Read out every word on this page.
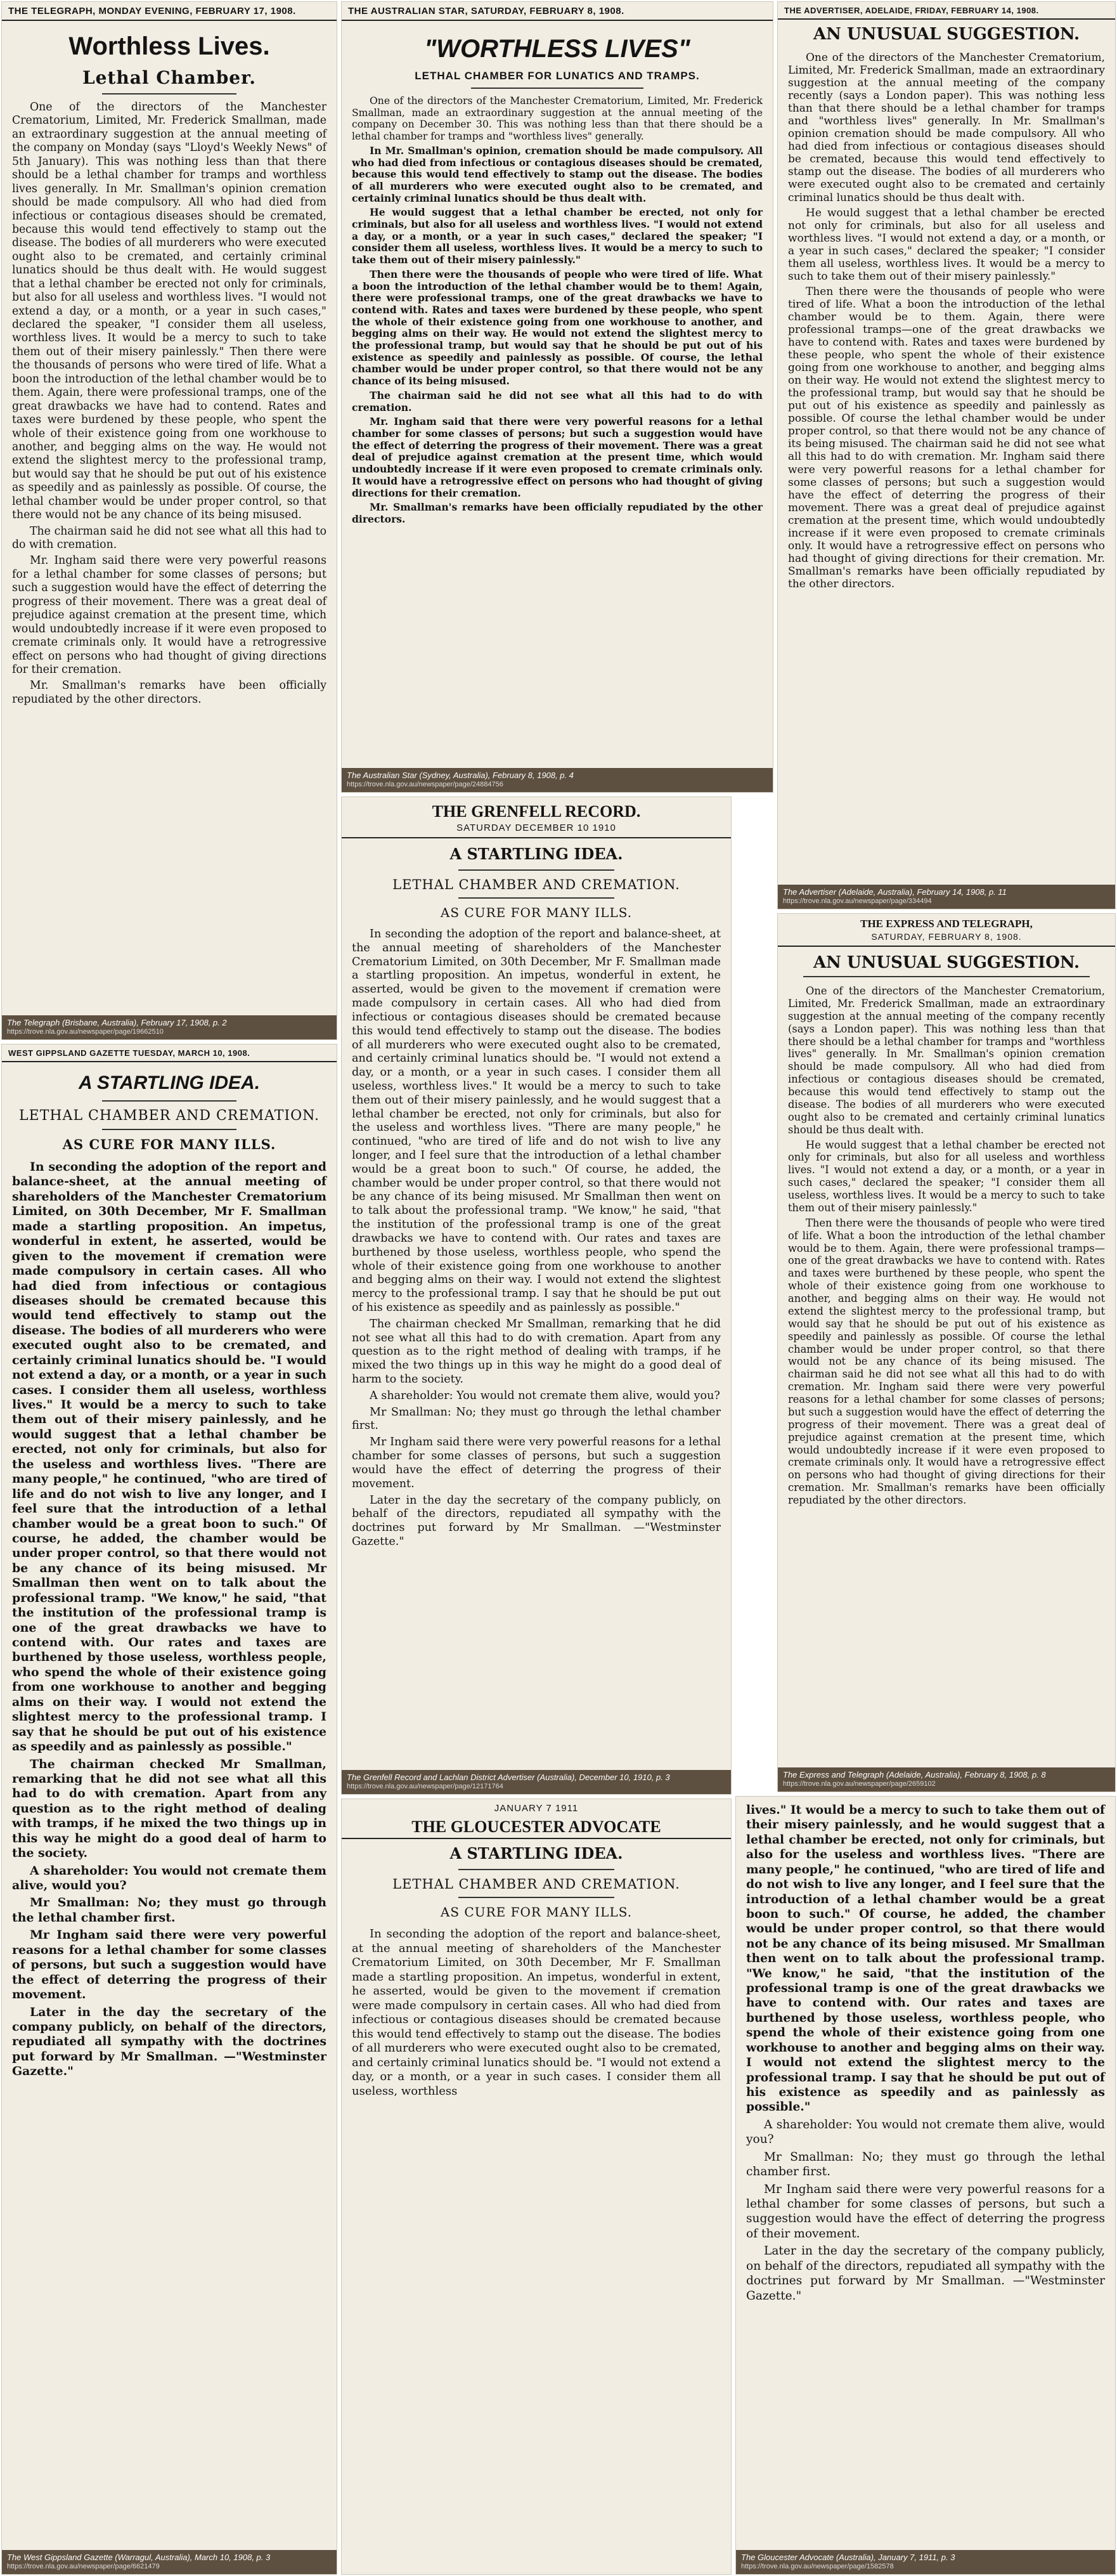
THE TELEGRAPH, MONDAY EVENING, FEBRUARY 17, 1908.
Worthless Lives.
Lethal Chamber.

One of the directors of the Manchester Crematorium, Limited, Mr. Frederick Smallman, made an extraordinary suggestion at the annual meeting of the company on Monday (says "Lloyd's Weekly News" of 5th January). This was nothing less than that there should be a lethal chamber for tramps and worthless lives generally. In Mr. Smallman's opinion cremation should be made compulsory. All who had died from infectious or contagious diseases should be cremated, because this would tend effectively to stamp out the disease. The bodies of all murderers who were executed ought also to be cremated, and certainly criminal lunatics should be thus dealt with. He would suggest that a lethal chamber be erected not only for criminals, but also for all useless and worthless lives. "I would not extend a day, or a month, or a year in such cases," declared the speaker, "I consider them all useless, worthless lives. It would be a mercy to such to take them out of their misery painlessly." Then there were the thousands of persons who were tired of life. What a boon the introduction of the lethal chamber would be to them. Again, there were professional tramps, one of the great drawbacks we have had to contend. Rates and taxes were burdened by these people, who spent the whole of their existence going from one workhouse to another, and begging alms on the way. He would not extend the slightest mercy to the professional tramp, but would say that he should be put out of his existence as speedily and as painlessly as possible. Of course, the lethal chamber would be under proper control, so that there would not be any chance of its being misused.

The chairman said he did not see what all this had to do with cremation.

Mr. Ingham said there were very powerful reasons for a lethal chamber for some classes of persons; but such a suggestion would have the effect of deterring the progress of their movement. There was a great deal of prejudice against cremation at the present time, which would undoubtedly increase if it were even proposed to cremate criminals only. It would have a retrogressive effect on persons who had thought of giving directions for their cremation.

Mr. Smallman's remarks have been officially repudiated by the other directors.

The Telegraph (Brisbane, Australia), February 17, 1908, p. 2
https://trove.nla.gov.au/newspaper/page/19662510
THE AUSTRALIAN STAR, SATURDAY, FEBRUARY 8, 1908.
"WORTHLESS LIVES"
LETHAL CHAMBER FOR LUNATICS AND TRAMPS.

One of the directors of the Manchester Crematorium, Limited, Mr. Frederick Smallman, made an extraordinary suggestion at the annual meeting of the company on December 30. This was nothing less than that there should be a lethal chamber for tramps and "worthless lives" generally.

In Mr. Smallman's opinion, cremation should be made compulsory. All who had died from infectious or contagious diseases should be cremated, because this would tend effectively to stamp out the disease. The bodies of all murderers who were executed ought also to be cremated, and certainly criminal lunatics should be thus dealt with.

He would suggest that a lethal chamber be erected, not only for criminals, but also for all useless and worthless lives. "I would not extend a day, or a month, or a year in such cases," declared the speaker; "I consider them all useless, worthless lives. It would be a mercy to such to take them out of their misery painlessly."

Then there were the thousands of people who were tired of life. What a boon the introduction of the lethal chamber would be to them! Again, there were professional tramps, one of the great drawbacks we have to contend with. Rates and taxes were burdened by these people, who spent the whole of their existence going from one workhouse to another, and begging alms on their way. He would not extend the slightest mercy to the professional tramp, but would say that he should be put out of his existence as speedily and painlessly as possible. Of course, the lethal chamber would be under proper control, so that there would not be any chance of its being misused.

The chairman said he did not see what all this had to do with cremation.

Mr. Ingham said that there were very powerful reasons for a lethal chamber for some classes of persons; but such a suggestion would have the effect of deterring the progress of their movement. There was a great deal of prejudice against cremation at the present time, which would undoubtedly increase if it were even proposed to cremate criminals only. It would have a retrogressive effect on persons who had thought of giving directions for their cremation.

Mr. Smallman's remarks have been officially repudiated by the other directors.

The Australian Star (Sydney, Australia), February 8, 1908, p. 4
https://trove.nla.gov.au/newspaper/page/24884756
THE ADVERTISER, ADELAIDE, FRIDAY, FEBRUARY 14, 1908.
AN UNUSUAL SUGGESTION.

One of the directors of the Manchester Crematorium, Limited, Mr. Frederick Smallman, made an extraordinary suggestion at the annual meeting of the company recently (says a London paper). This was nothing less than that there should be a lethal chamber for tramps and "worthless lives" generally. In Mr. Smallman's opinion cremation should be made compulsory. All who had died from infectious or contagious diseases should be cremated, because this would tend effectively to stamp out the disease. The bodies of all murderers who were executed ought also to be cremated and certainly criminal lunatics should be thus dealt with.

He would suggest that a lethal chamber be erected not only for criminals, but also for all useless and worthless lives. "I would not extend a day, or a month, or a year in such cases," declared the speaker; "I consider them all useless, worthless lives. It would be a mercy to such to take them out of their misery painlessly."

Then there were the thousands of people who were tired of life. What a boon the introduction of the lethal chamber would be to them. Again, there were professional tramps—one of the great drawbacks we have to contend with. Rates and taxes were burdened by these people, who spent the whole of their existence going from one workhouse to another, and begging alms on their way. He would not extend the slightest mercy to the professional tramp, but would say that he should be put out of his existence as speedily and painlessly as possible. Of course the lethal chamber would be under proper control, so that there would not be any chance of its being misused. The chairman said he did not see what all this had to do with cremation. Mr. Ingham said there were very powerful reasons for a lethal chamber for some classes of persons; but such a suggestion would have the effect of deterring the progress of their movement. There was a great deal of prejudice against cremation at the present time, which would undoubtedly increase if it were even proposed to cremate criminals only. It would have a retrogressive effect on persons who had thought of giving directions for their cremation. Mr. Smallman's remarks have been officially repudiated by the other directors.

The Advertiser (Adelaide, Australia), February 14, 1908, p. 11
https://trove.nla.gov.au/newspaper/page/334494
WEST GIPPSLAND GAZETTE TUESDAY, MARCH 10, 1908.
A STARTLING IDEA.
LETHAL CHAMBER AND CREMATION.
AS CURE FOR MANY ILLS.

In seconding the adoption of the report and balance-sheet, at the annual meeting of shareholders of the Manchester Crematorium Limited, on 30th December, Mr F. Smallman made a startling proposition. An impetus, wonderful in extent, he asserted, would be given to the movement if cremation were made compulsory in certain cases. All who had died from infectious or contagious diseases should be cremated because this would tend effectively to stamp out the disease. The bodies of all murderers who were executed ought also to be cremated, and certainly criminal lunatics should be. "I would not extend a day, or a month, or a year in such cases. I consider them all useless, worthless lives." It would be a mercy to such to take them out of their misery painlessly, and he would suggest that a lethal chamber be erected, not only for criminals, but also for the useless and worthless lives. "There are many people," he continued, "who are tired of life and do not wish to live any longer, and I feel sure that the introduction of a lethal chamber would be a great boon to such." Of course, he added, the chamber would be under proper control, so that there would not be any chance of its being misused. Mr Smallman then went on to talk about the professional tramp. "We know," he said, "that the institution of the professional tramp is one of the great drawbacks we have to contend with. Our rates and taxes are burthened by those useless, worthless people, who spend the whole of their existence going from one workhouse to another and begging alms on their way. I would not extend the slightest mercy to the professional tramp. I say that he should be put out of his existence as speedily and as painlessly as possible."

The chairman checked Mr Smallman, remarking that he did not see what all this had to do with cremation. Apart from any question as to the right method of dealing with tramps, if he mixed the two things up in this way he might do a good deal of harm to the society.

A shareholder: You would not cremate them alive, would you?

Mr Smallman: No; they must go through the lethal chamber first.

Mr Ingham said there were very powerful reasons for a lethal chamber for some classes of persons, but such a suggestion would have the effect of deterring the progress of their movement.

Later in the day the secretary of the company publicly, on behalf of the directors, repudiated all sympathy with the doctrines put forward by Mr Smallman. —"Westminster Gazette."

The West Gippsland Gazette (Warragul, Australia), March 10, 1908, p. 3
https://trove.nla.gov.au/newspaper/page/6621479
THE GRENFELL RECORD.
SATURDAY DECEMBER 10 1910
A STARTLING IDEA.
LETHAL CHAMBER AND CREMATION.
AS CURE FOR MANY ILLS.

In seconding the adoption of the report and balance-sheet, at the annual meeting of shareholders of the Manchester Crematorium Limited, on 30th December, Mr F. Smallman made a startling proposition. An impetus, wonderful in extent, he asserted, would be given to the movement if cremation were made compulsory in certain cases. All who had died from infectious or contagious diseases should be cremated because this would tend effectively to stamp out the disease. The bodies of all murderers who were executed ought also to be cremated, and certainly criminal lunatics should be. "I would not extend a day, or a month, or a year in such cases. I consider them all useless, worthless lives." It would be a mercy to such to take them out of their misery painlessly, and he would suggest that a lethal chamber be erected, not only for criminals, but also for the useless and worthless lives. "There are many people," he continued, "who are tired of life and do not wish to live any longer, and I feel sure that the introduction of a lethal chamber would be a great boon to such." Of course, he added, the chamber would be under proper control, so that there would not be any chance of its being misused. Mr Smallman then went on to talk about the professional tramp. "We know," he said, "that the institution of the professional tramp is one of the great drawbacks we have to contend with. Our rates and taxes are burthened by those useless, worthless people, who spend the whole of their existence going from one workhouse to another and begging alms on their way. I would not extend the slightest mercy to the professional tramp. I say that he should be put out of his existence as speedily and as painlessly as possible."

The chairman checked Mr Smallman, remarking that he did not see what all this had to do with cremation. Apart from any question as to the right method of dealing with tramps, if he mixed the two things up in this way he might do a good deal of harm to the society.

A shareholder: You would not cremate them alive, would you?

Mr Smallman: No; they must go through the lethal chamber first.

Mr Ingham said there were very powerful reasons for a lethal chamber for some classes of persons, but such a suggestion would have the effect of deterring the progress of their movement.

Later in the day the secretary of the company publicly, on behalf of the directors, repudiated all sympathy with the doctrines put forward by Mr Smallman. —"Westminster Gazette."

The Grenfell Record and Lachlan District Advertiser (Australia), December 10, 1910, p. 3
https://trove.nla.gov.au/newspaper/page/12171764
THE EXPRESS AND TELEGRAPH,
SATURDAY, FEBRUARY 8, 1908.
AN UNUSUAL SUGGESTION.

One of the directors of the Manchester Crematorium, Limited, Mr. Frederick Smallman, made an extraordinary suggestion at the annual meeting of the company recently (says a London paper). This was nothing less than that there should be a lethal chamber for tramps and "worthless lives" generally. In Mr. Smallman's opinion cremation should be made compulsory. All who had died from infectious or contagious diseases should be cremated, because this would tend effectively to stamp out the disease. The bodies of all murderers who were executed ought also to be cremated and certainly criminal lunatics should be thus dealt with.

He would suggest that a lethal chamber be erected not only for criminals, but also for all useless and worthless lives. "I would not extend a day, or a month, or a year in such cases," declared the speaker; "I consider them all useless, worthless lives. It would be a mercy to such to take them out of their misery painlessly."

Then there were the thousands of people who were tired of life. What a boon the introduction of the lethal chamber would be to them. Again, there were professional tramps—one of the great drawbacks we have to contend with. Rates and taxes were burthened by these people, who spent the whole of their existence going from one workhouse to another, and begging alms on their way. He would not extend the slightest mercy to the professional tramp, but would say that he should be put out of his existence as speedily and painlessly as possible. Of course the lethal chamber would be under proper control, so that there would not be any chance of its being misused. The chairman said he did not see what all this had to do with cremation. Mr. Ingham said there were very powerful reasons for a lethal chamber for some classes of persons; but such a suggestion would have the effect of deterring the progress of their movement. There was a great deal of prejudice against cremation at the present time, which would undoubtedly increase if it were even proposed to cremate criminals only. It would have a retrogressive effect on persons who had thought of giving directions for their cremation. Mr. Smallman's remarks have been officially repudiated by the other directors.

The Express and Telegraph (Adelaide, Australia), February 8, 1908, p. 8
https://trove.nla.gov.au/newspaper/page/2659102
JANUARY 7 1911
THE GLOUCESTER ADVOCATE
A STARTLING IDEA.
LETHAL CHAMBER AND CREMATION.
AS CURE FOR MANY ILLS.

In seconding the adoption of the report and balance-sheet, at the annual meeting of shareholders of the Manchester Crematorium Limited, on 30th December, Mr F. Smallman made a startling proposition. An impetus, wonderful in extent, he asserted, would be given to the movement if cremation were made compulsory in certain cases. All who had died from infectious or contagious diseases should be cremated because this would tend effectively to stamp out the disease. The bodies of all murderers who were executed ought also to be cremated, and certainly criminal lunatics should be. "I would not extend a day, or a month, or a year in such cases. I consider them all useless, worthless

lives." It would be a mercy to such to take them out of their misery painlessly, and he would suggest that a lethal chamber be erected, not only for criminals, but also for the useless and worthless lives. "There are many people," he continued, "who are tired of life and do not wish to live any longer, and I feel sure that the introduction of a lethal chamber would be a great boon to such." Of course, he added, the chamber would be under proper control, so that there would not be any chance of its being misused. Mr Smallman then went on to talk about the professional tramp. "We know," he said, "that the institution of the professional tramp is one of the great drawbacks we have to contend with. Our rates and taxes are burthened by those useless, worthless people, who spend the whole of their existence going from one workhouse to another and begging alms on their way. I would not extend the slightest mercy to the professional tramp. I say that he should be put out of his existence as speedily and as painlessly as possible."

A shareholder: You would not cremate them alive, would you?

Mr Smallman: No; they must go through the lethal chamber first.

Mr Ingham said there were very powerful reasons for a lethal chamber for some classes of persons, but such a suggestion would have the effect of deterring the progress of their movement.

Later in the day the secretary of the company publicly, on behalf of the directors, repudiated all sympathy with the doctrines put forward by Mr Smallman. —"Westminster Gazette."

The Gloucester Advocate (Australia), January 7, 1911, p. 3
https://trove.nla.gov.au/newspaper/page/1582578
